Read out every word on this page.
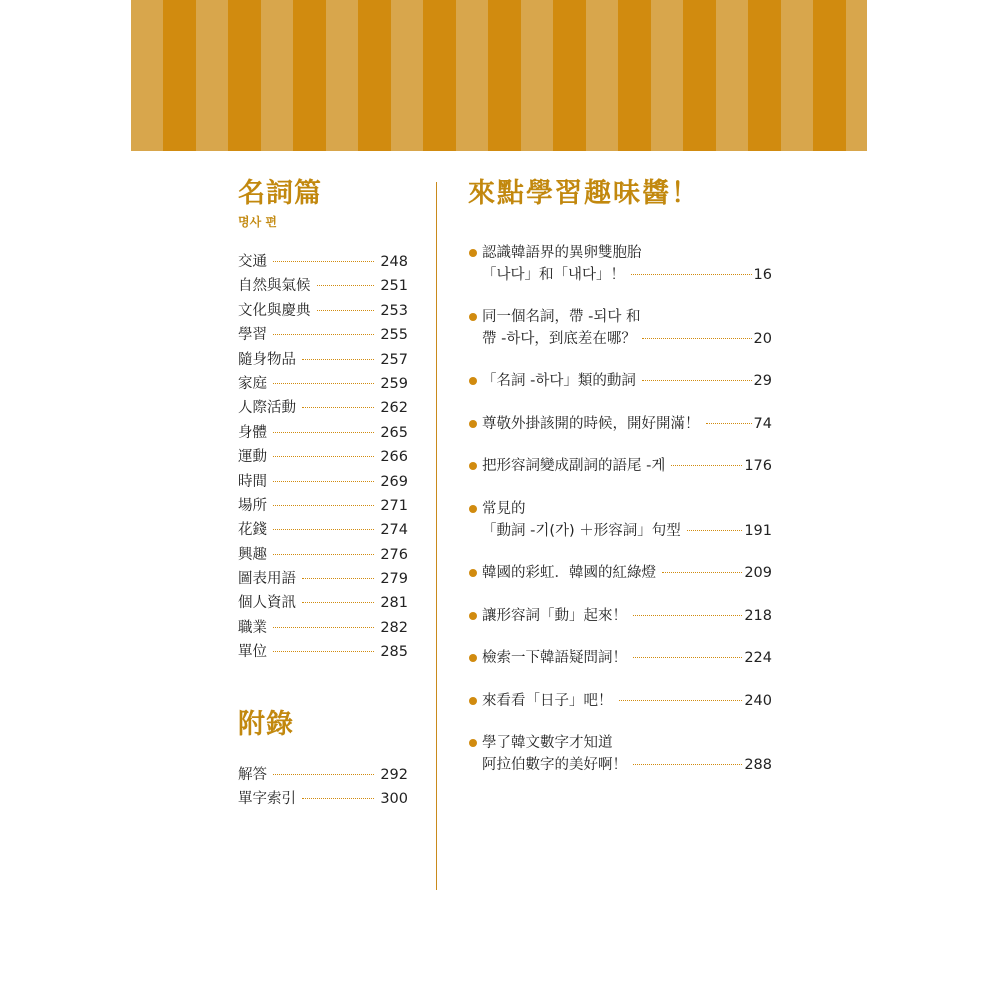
名詞篇
명사 편
交通	248
自然與氣候	251
文化與慶典	253
學習	255
隨身物品	257
家庭	259
人際活動	262
身體	265
運動	266
時間	269
場所	271
花錢	274
興趣	276
圖表用語	279
個人資訊	281
職業	282
單位	285
附錄
解答	292
單字索引	300
來點學習趣味醬！
認識韓語界的異卵雙胞胎
「나다」和「내다」！	16
同一個名詞，帶 -되다 和
帶 -하다，到底差在哪？	20
「名詞 -하다」類的動詞	29
尊敬外掛該開的時候，開好開滿！	74
把形容詞變成副詞的語尾 -게	176
常見的
「動詞 -기(가) ＋形容詞」句型	191
韓國的彩虹．韓國的紅綠燈	209
讓形容詞「動」起來！	218
檢索一下韓語疑問詞！	224
來看看「日子」吧！	240
學了韓文數字才知道
阿拉伯數字的美好啊！	288
